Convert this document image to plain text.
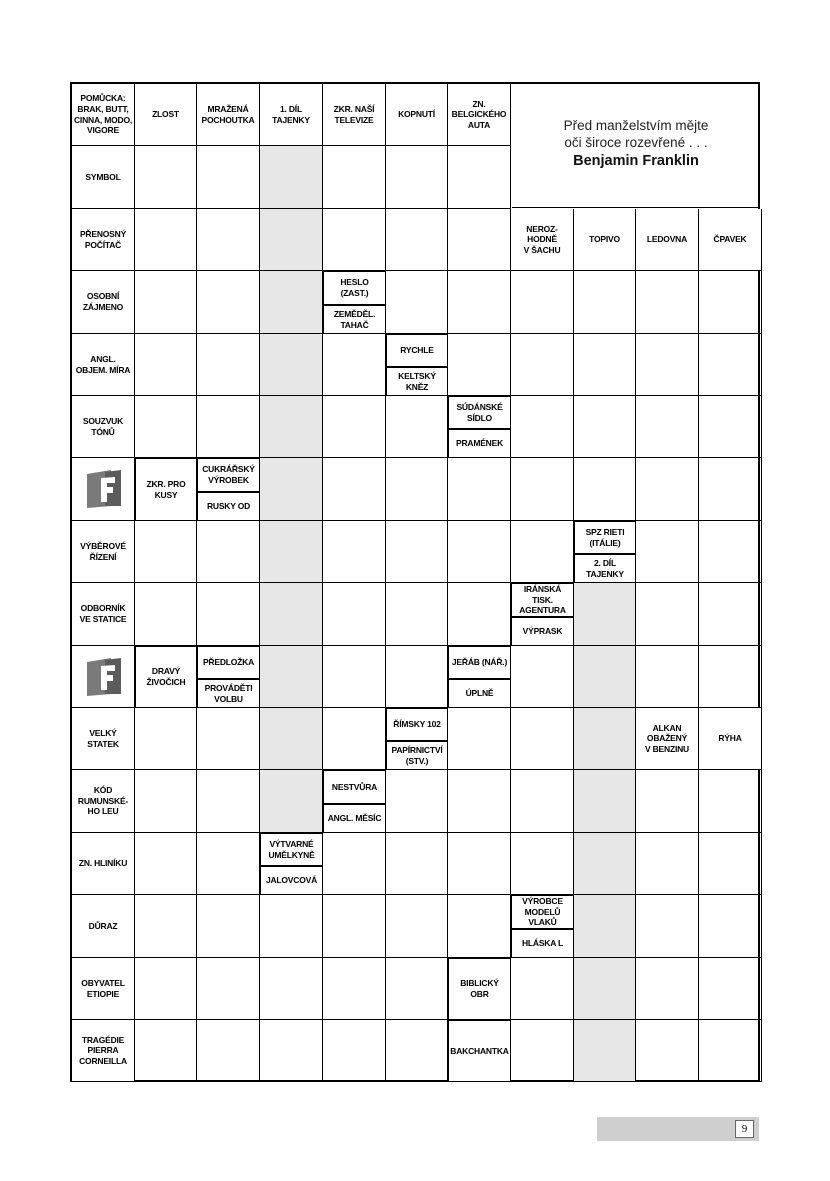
Před manželstvím mějte
oči široce rozevřené . . .
Benjamin Franklin
POMŮCKA:
BRAK, BUTT,
CINNA, MODO,
VIGORE
ZLOST
MRAŽENÁ
POCHOUTKA
1. DÍL
TAJENKY
ZKR. NAŠÍ
TELEVIZE
KOPNUTÍ
ZN.
BELGICKÉHO
AUTA
SYMBOL
PŘENOSNÝ
POČÍTAČ
NEROZ-
HODNĚ
V ŠACHU
TOPIVO	LEDOVNA	ČPAVEK
OSOBNÍ
ZÁJMENO
HESLO
(ZAST.)
ZEMĚDĚL.
TAHAČ
ANGL.
OBJEM. MÍRA
RYCHLE
KELTSKÝ
KNĚZ
SOUZVUK
TÓNŮ
SÚDÁNSKÉ
SÍDLO
PRAMÉNEK
ZKR. PRO
KUSY
CUKRÁŘSKÝ
VÝROBEK
RUSKY OD
VÝBĚROVÉ
ŘÍZENÍ
SPZ RIETI
(ITÁLIE)
2. DÍL
TAJENKY
ODBORNÍK
VE STATICE
IRÁNSKÁ
TISK.
AGENTURA
VÝPRASK
DRAVÝ
ŽIVOČICH
PŘEDLOŽKA
PROVÁDĚTI
VOLBU
JEŘÁB (NÁŘ.)
ÚPLNĚ
VELKÝ
STATEK
ŘÍMSKY 102
PAPÍRNICTVÍ
(STV.)
ALKAN
OBAŽENÝ
V BENZINU
RÝHA
KÓD
RUMUNSKÉ-
HO LEU
NESTVŮRA
ANGL. MĚSÍC
ZN. HLINÍKU
VÝTVARNÉ
UMĚLKYNĚ
JALOVCOVÁ
DŮRAZ
VÝROBCE
MODELŮ
VLAKŮ
HLÁSKA L
OBYVATEL
ETIOPIE
BIBLICKÝ
OBR
TRAGÉDIE
PIERRA
CORNEILLA
BAKCHANTKA
9
